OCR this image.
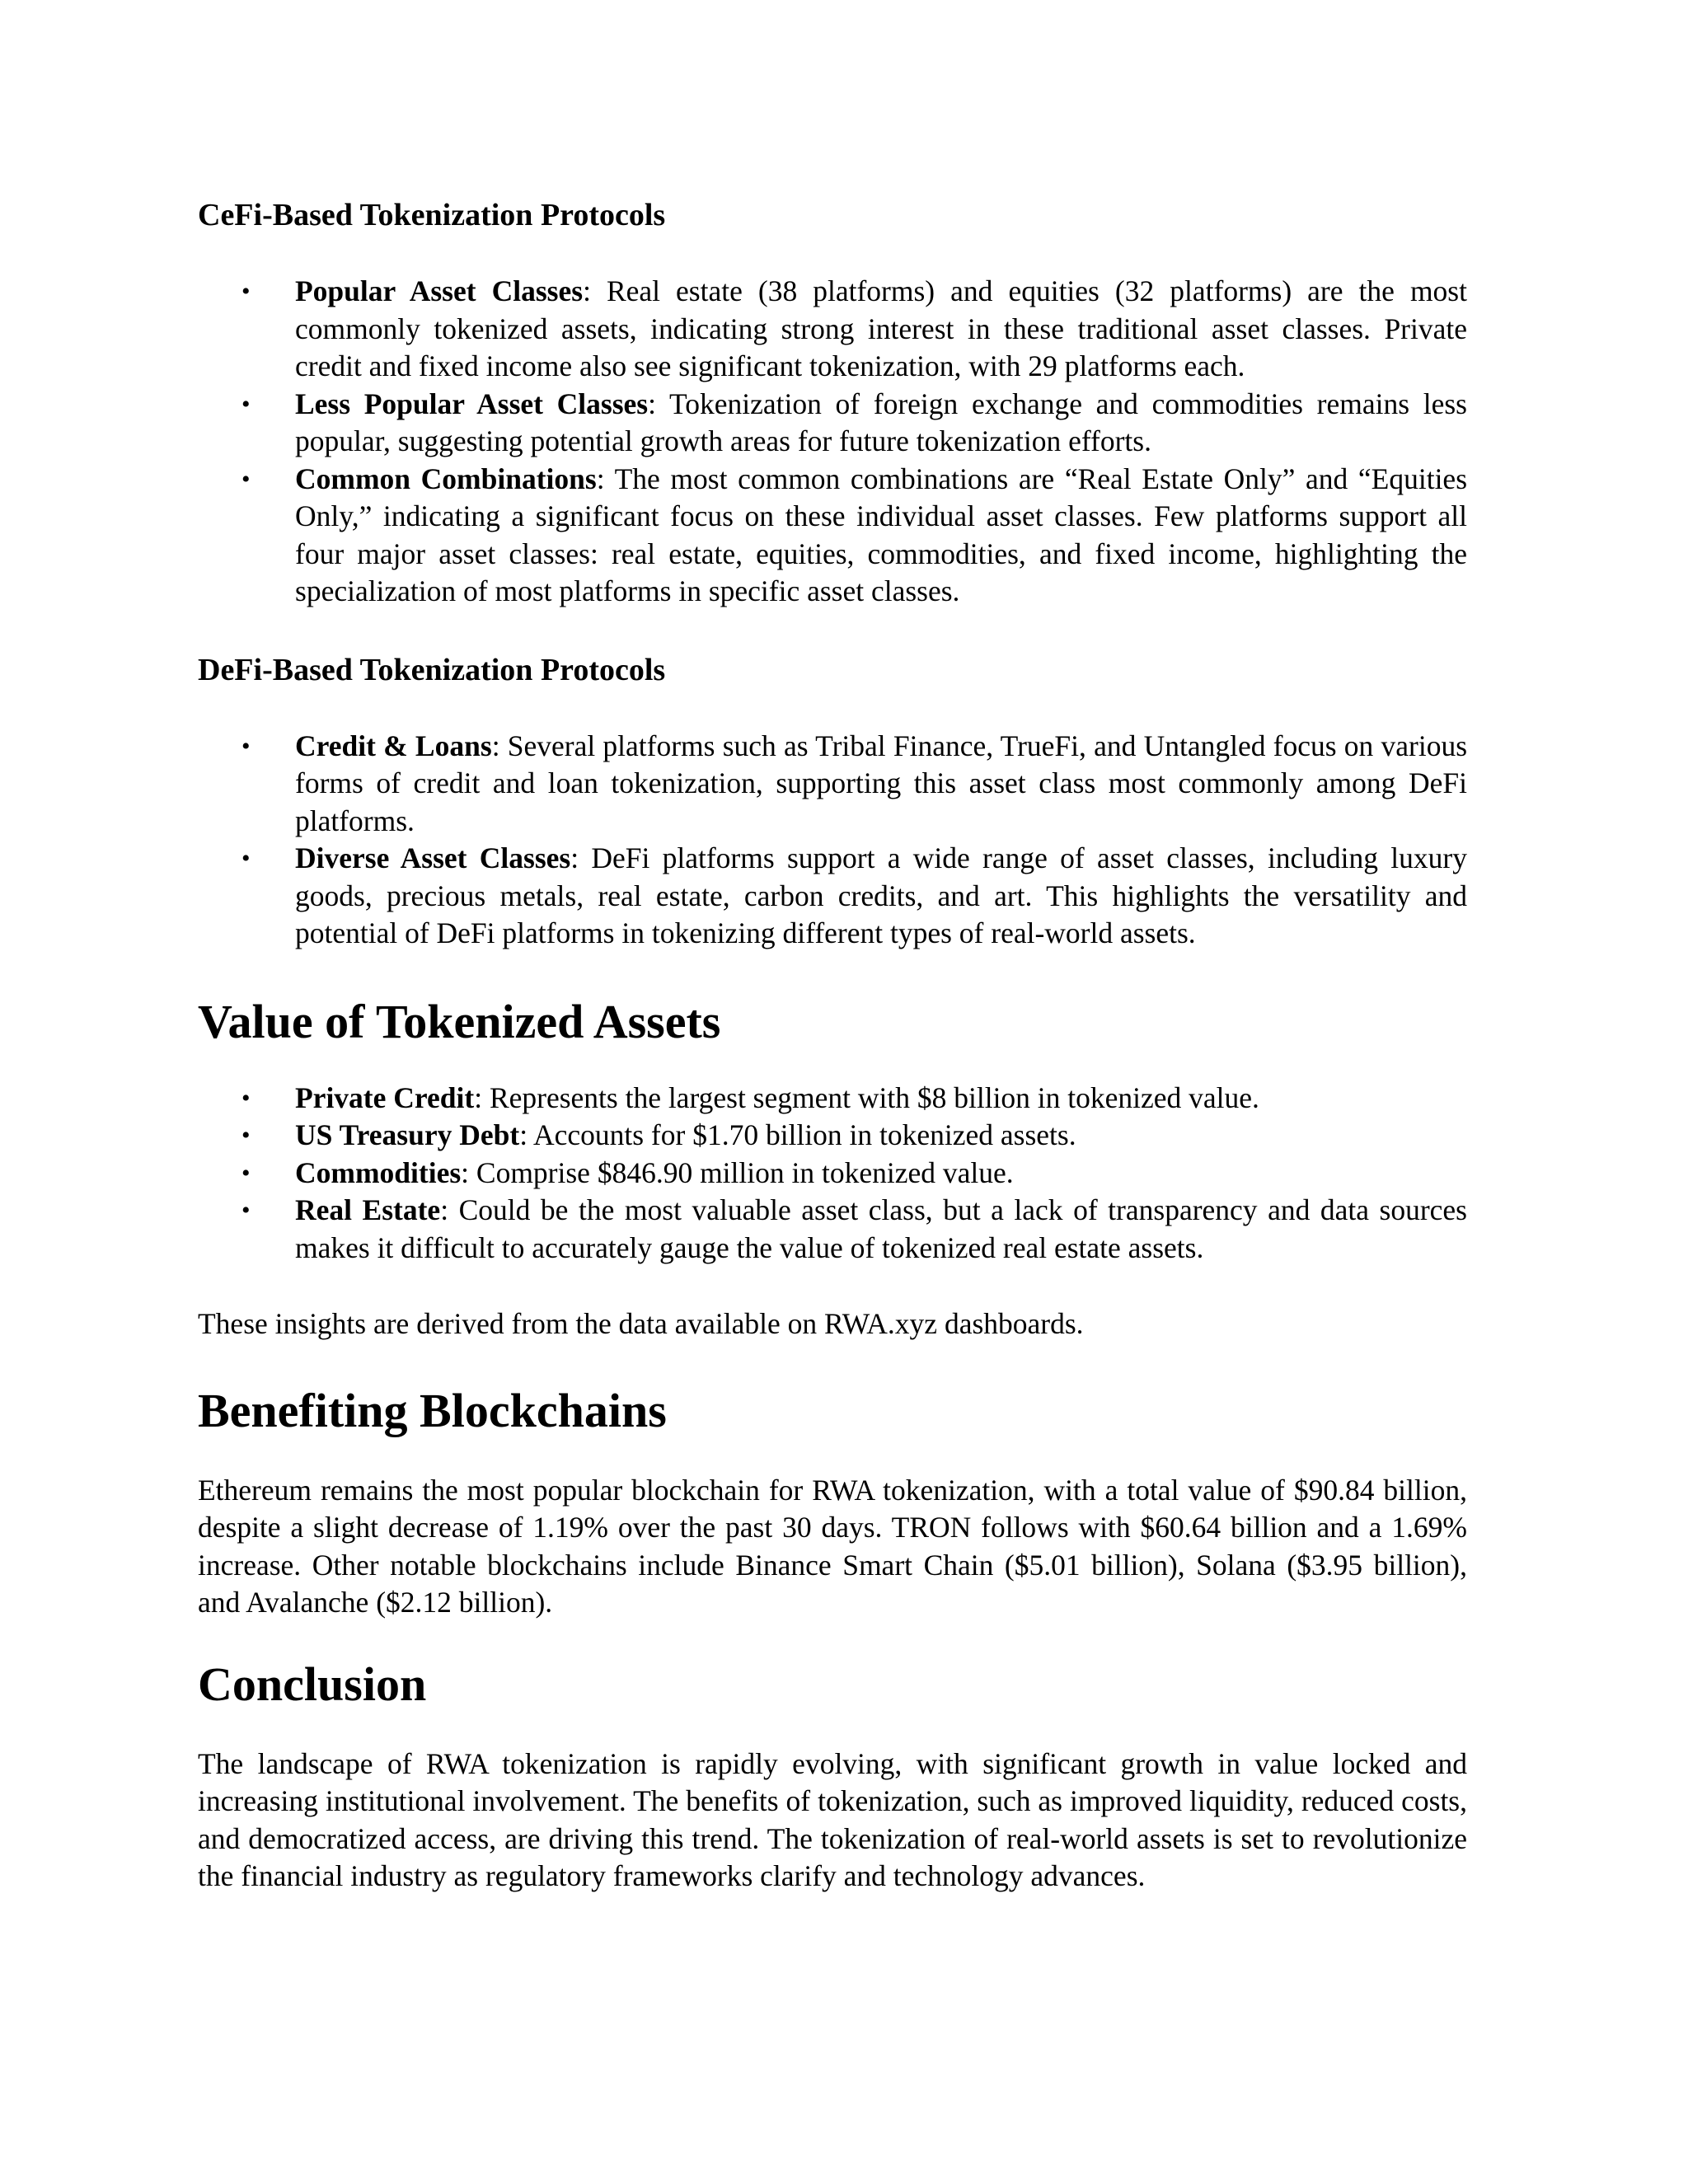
CeFi-Based Tokenization Protocols
• Popular Asset Classes: Real estate (38 platforms) and equities (32 platforms) are the most commonly tokenized assets, indicating strong interest in these traditional asset classes. Private credit and fixed income also see significant tokenization, with 29 platforms each.
• Less Popular Asset Classes: Tokenization of foreign exchange and commodities remains less popular, suggesting potential growth areas for future tokenization efforts.
• Common Combinations: The most common combinations are “Real Estate Only” and “Equities Only,” indicating a significant focus on these individual asset classes. Few platforms support all four major asset classes: real estate, equities, commodities, and fixed income, highlighting the specialization of most platforms in specific asset classes.
DeFi-Based Tokenization Protocols
• Credit & Loans: Several platforms such as Tribal Finance, TrueFi, and Untangled focus on various forms of credit and loan tokenization, supporting this asset class most commonly among DeFi platforms.
• Diverse Asset Classes: DeFi platforms support a wide range of asset classes, including luxury goods, precious metals, real estate, carbon credits, and art. This highlights the versatility and potential of DeFi platforms in tokenizing different types of real-world assets.
Value of Tokenized Assets
• Private Credit: Represents the largest segment with $8 billion in tokenized value.
• US Treasury Debt: Accounts for $1.70 billion in tokenized assets.
• Commodities: Comprise $846.90 million in tokenized value.
• Real Estate: Could be the most valuable asset class, but a lack of transparency and data sources makes it difficult to accurately gauge the value of tokenized real estate assets.

These insights are derived from the data available on RWA.xyz dashboards.

Benefiting Blockchains

Ethereum remains the most popular blockchain for RWA tokenization, with a total value of $90.84 billion, despite a slight decrease of 1.19% over the past 30 days. TRON follows with $60.64 billion and a 1.69% increase. Other notable blockchains include Binance Smart Chain ($5.01 billion), Solana ($3.95 billion), and Avalanche ($2.12 billion).

Conclusion

The landscape of RWA tokenization is rapidly evolving, with significant growth in value locked and increasing institutional involvement. The benefits of tokenization, such as improved liquidity, reduced costs, and democratized access, are driving this trend. The tokenization of real-world assets is set to revolutionize the financial industry as regulatory frameworks clarify and technology advances.
